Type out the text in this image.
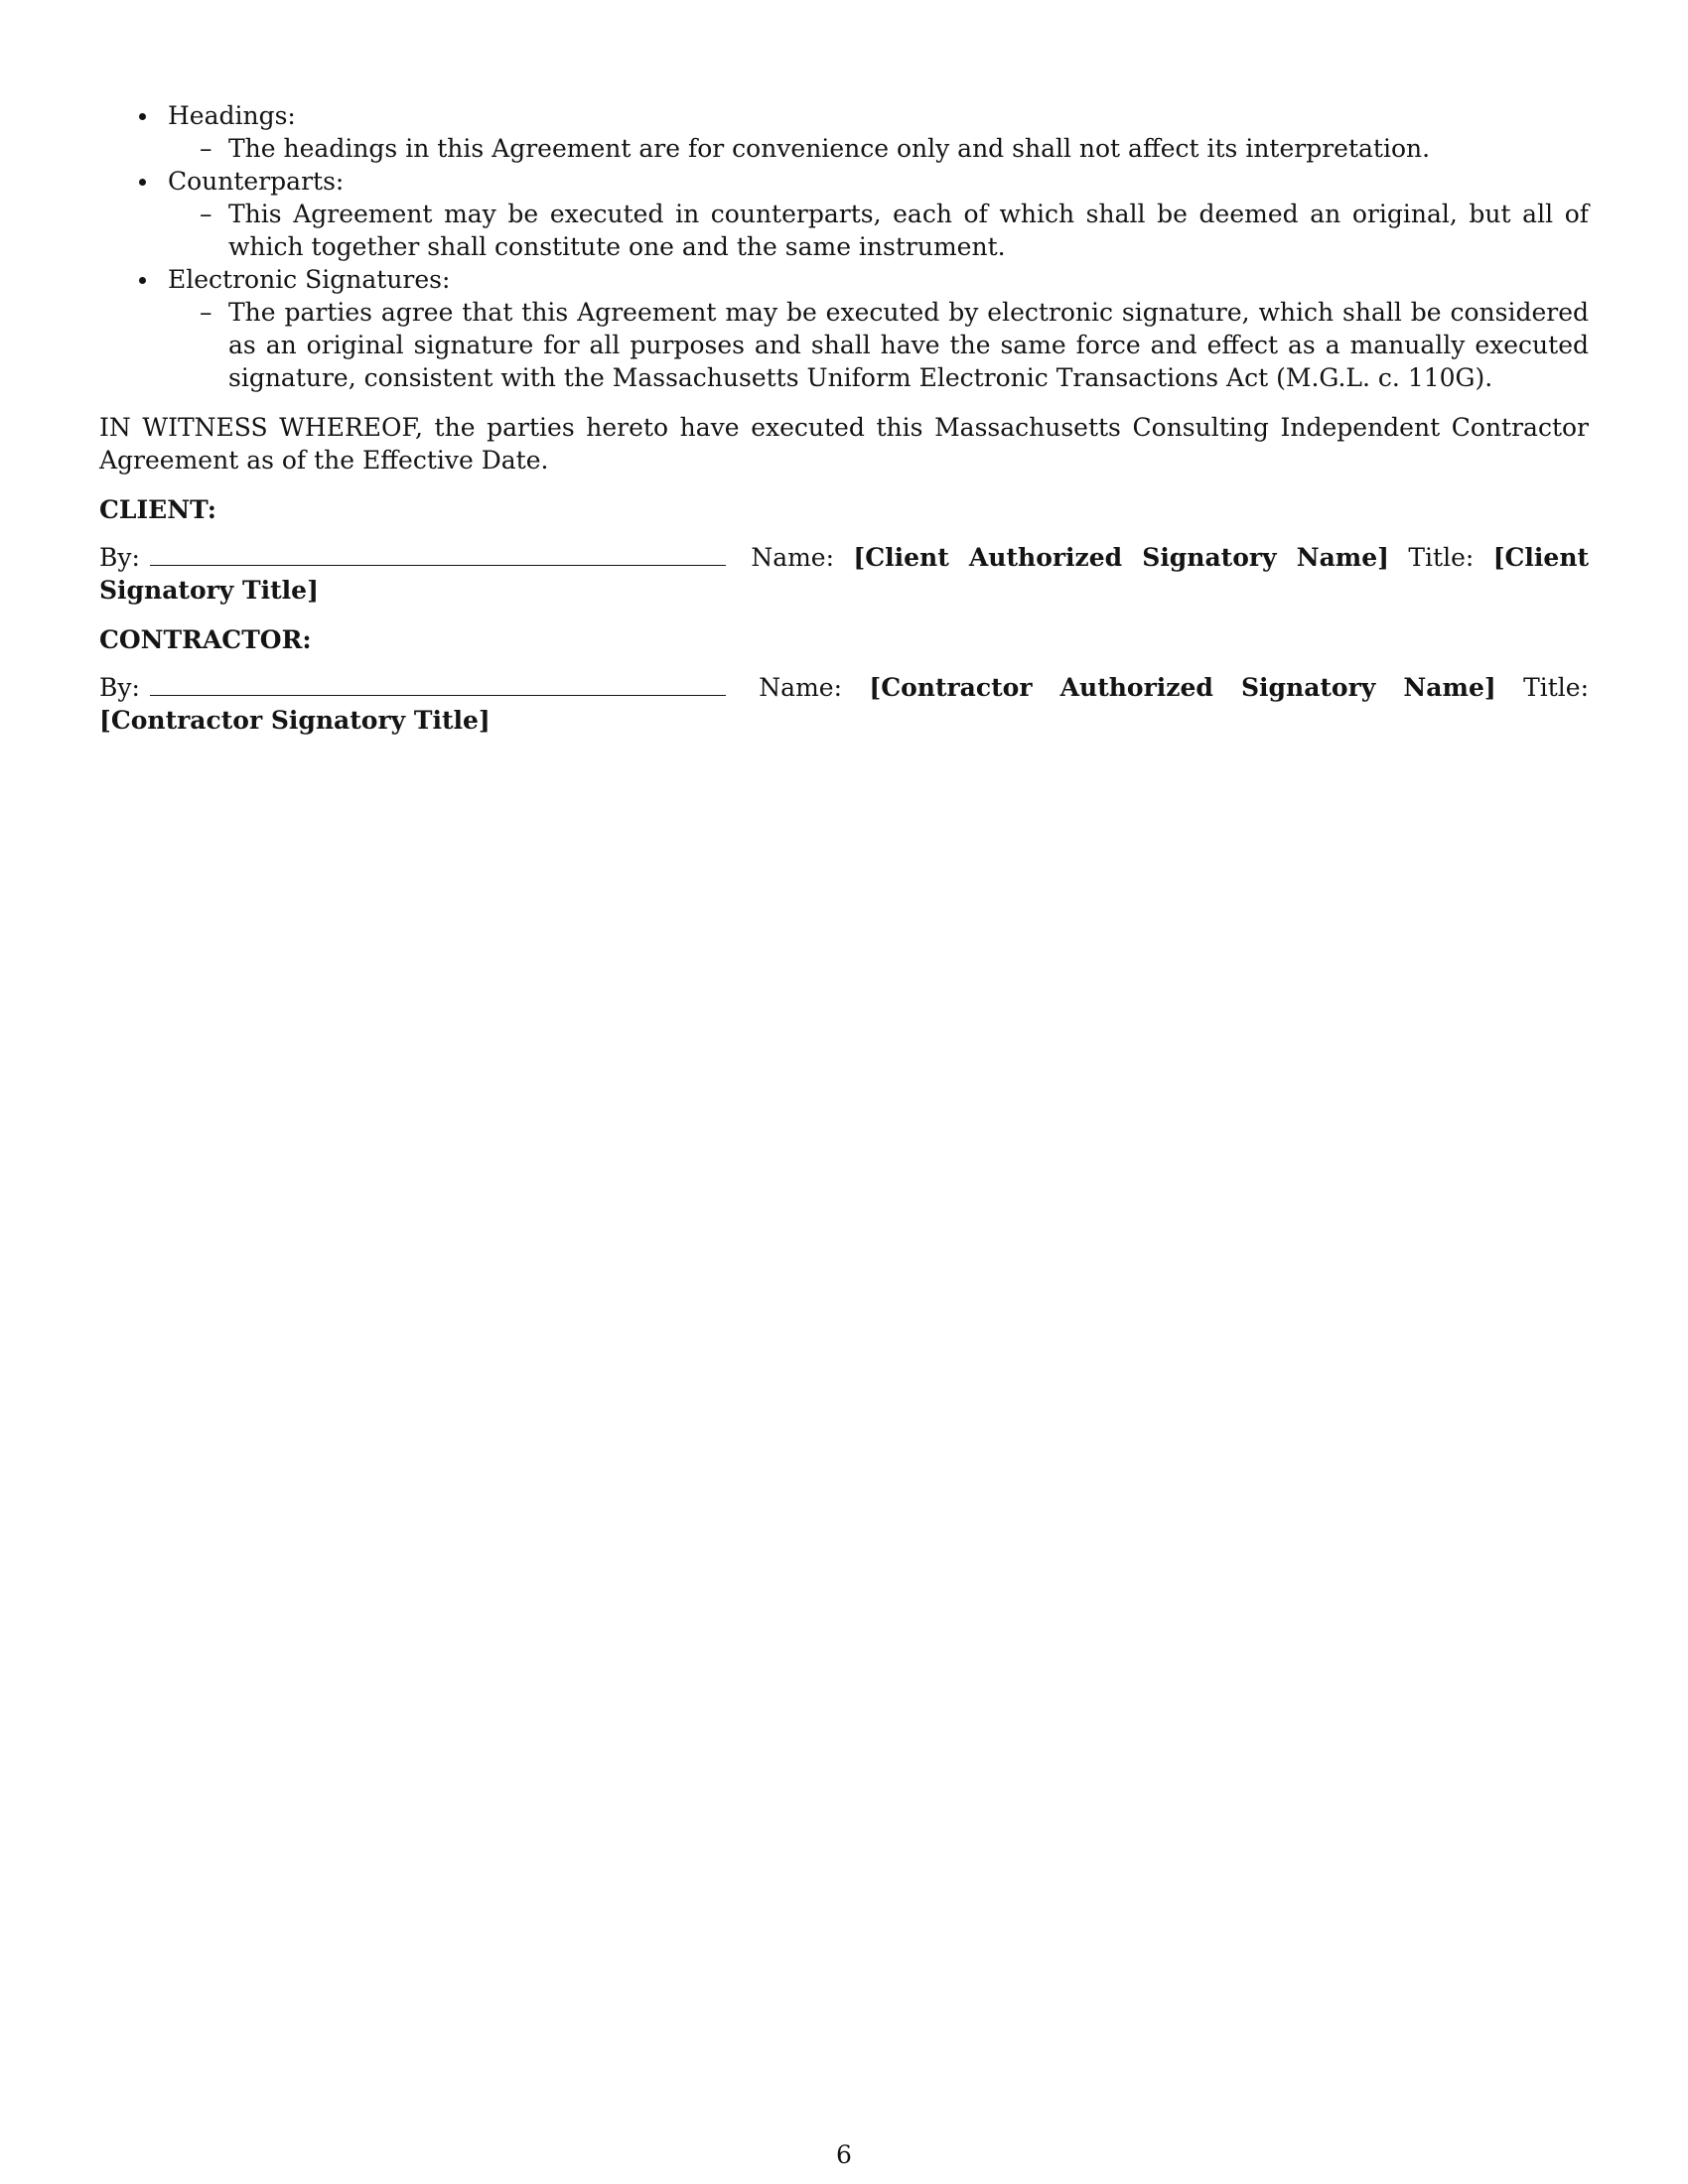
Headings:
– The headings in this Agreement are for convenience only and shall not affect its interpretation.
Counterparts:
– This Agreement may be executed in counterparts, each of which shall be deemed an original, but all of which together shall constitute one and the same instrument.
Electronic Signatures:
– The parties agree that this Agreement may be executed by electronic signature, which shall be considered as an original signature for all purposes and shall have the same force and effect as a manually executed signature, consistent with the Massachusetts Uniform Electronic Transactions Act (M.G.L. c. 110G).
IN WITNESS WHEREOF, the parties hereto have executed this Massachusetts Consulting Independent Contractor Agreement as of the Effective Date.
CLIENT:
By:	Name: [Client Authorized Signatory Name] Title: [Client Signatory Title]
CONTRACTOR:
By:	Name: [Contractor Authorized Signatory Name] Title: [Contractor Signatory Title]
6
